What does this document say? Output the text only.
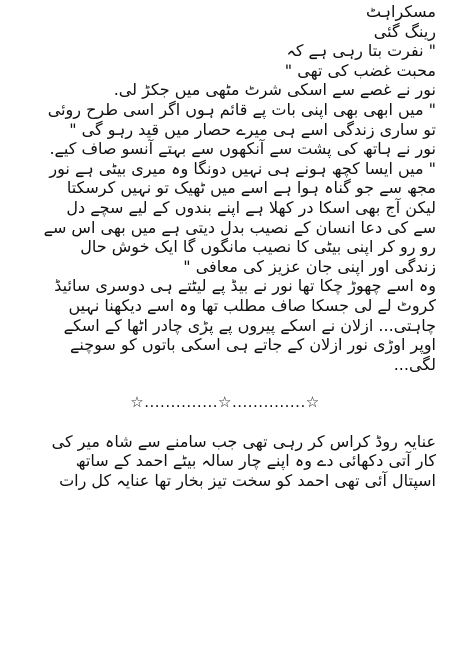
مسکراہٹ
رینگ گئی
" نفرت بتا رہی ہے کہ
محبت غضب کی تھی "
نور نے غصے سے اسکی شرٹ مٹھی میں جکڑ لی.
" میں ابھی بھی اپنی بات پے قائم ہوں اگر اسی طرح روئی
تو ساری زندگی اسے ہی میرے حصار میں قید رہو گی "
نور نے ہاتھ کی پشت سے آنکھوں سے بہتے آنسو صاف کیے.
" میں ایسا کچھ ہونے ہی نہیں دونگا وہ میری بیٹی ہے نور
مجھ سے جو گناہ ہوا ہے اسے میں ٹھیک تو نہیں کرسکتا
لیکن آج بھی اسکا در کھلا ہے اپنے بندوں کے لیے سچے دل
سے کی دعا انسان کے نصیب بدل دیتی ہے میں بھی اس سے
رو رو کر اپنی بیٹی کا نصیب مانگوں گا ایک خوش حال
زندگی اور اپنی جان عزیز کی معافی "
وہ اسے چھوڑ چکا تھا نور نے بیڈ پے لیٹتے ہی دوسری سائیڈ
کروٹ لے لی جسکا صاف مطلب تھا وہ اسے دیکھنا نہیں
چاہتی... ازلان نے اسکے پیروں پے پڑی چادر اٹھا کے اسکے
اوپر اوڑی نور ازلان کے جاتے ہی اسکی باتوں کو سوچنے
لگی...
☆..............☆..............☆
عنایہ روڈ کراس کر رہی تھی جب سامنے سے شاہ میر کی
کار آتی دکھائی دے وہ اپنے چار سالہ بیٹے احمد کے ساتھ
اسپتال آئی تھی احمد کو سخت تیز بخار تھا عنایہ کل رات
